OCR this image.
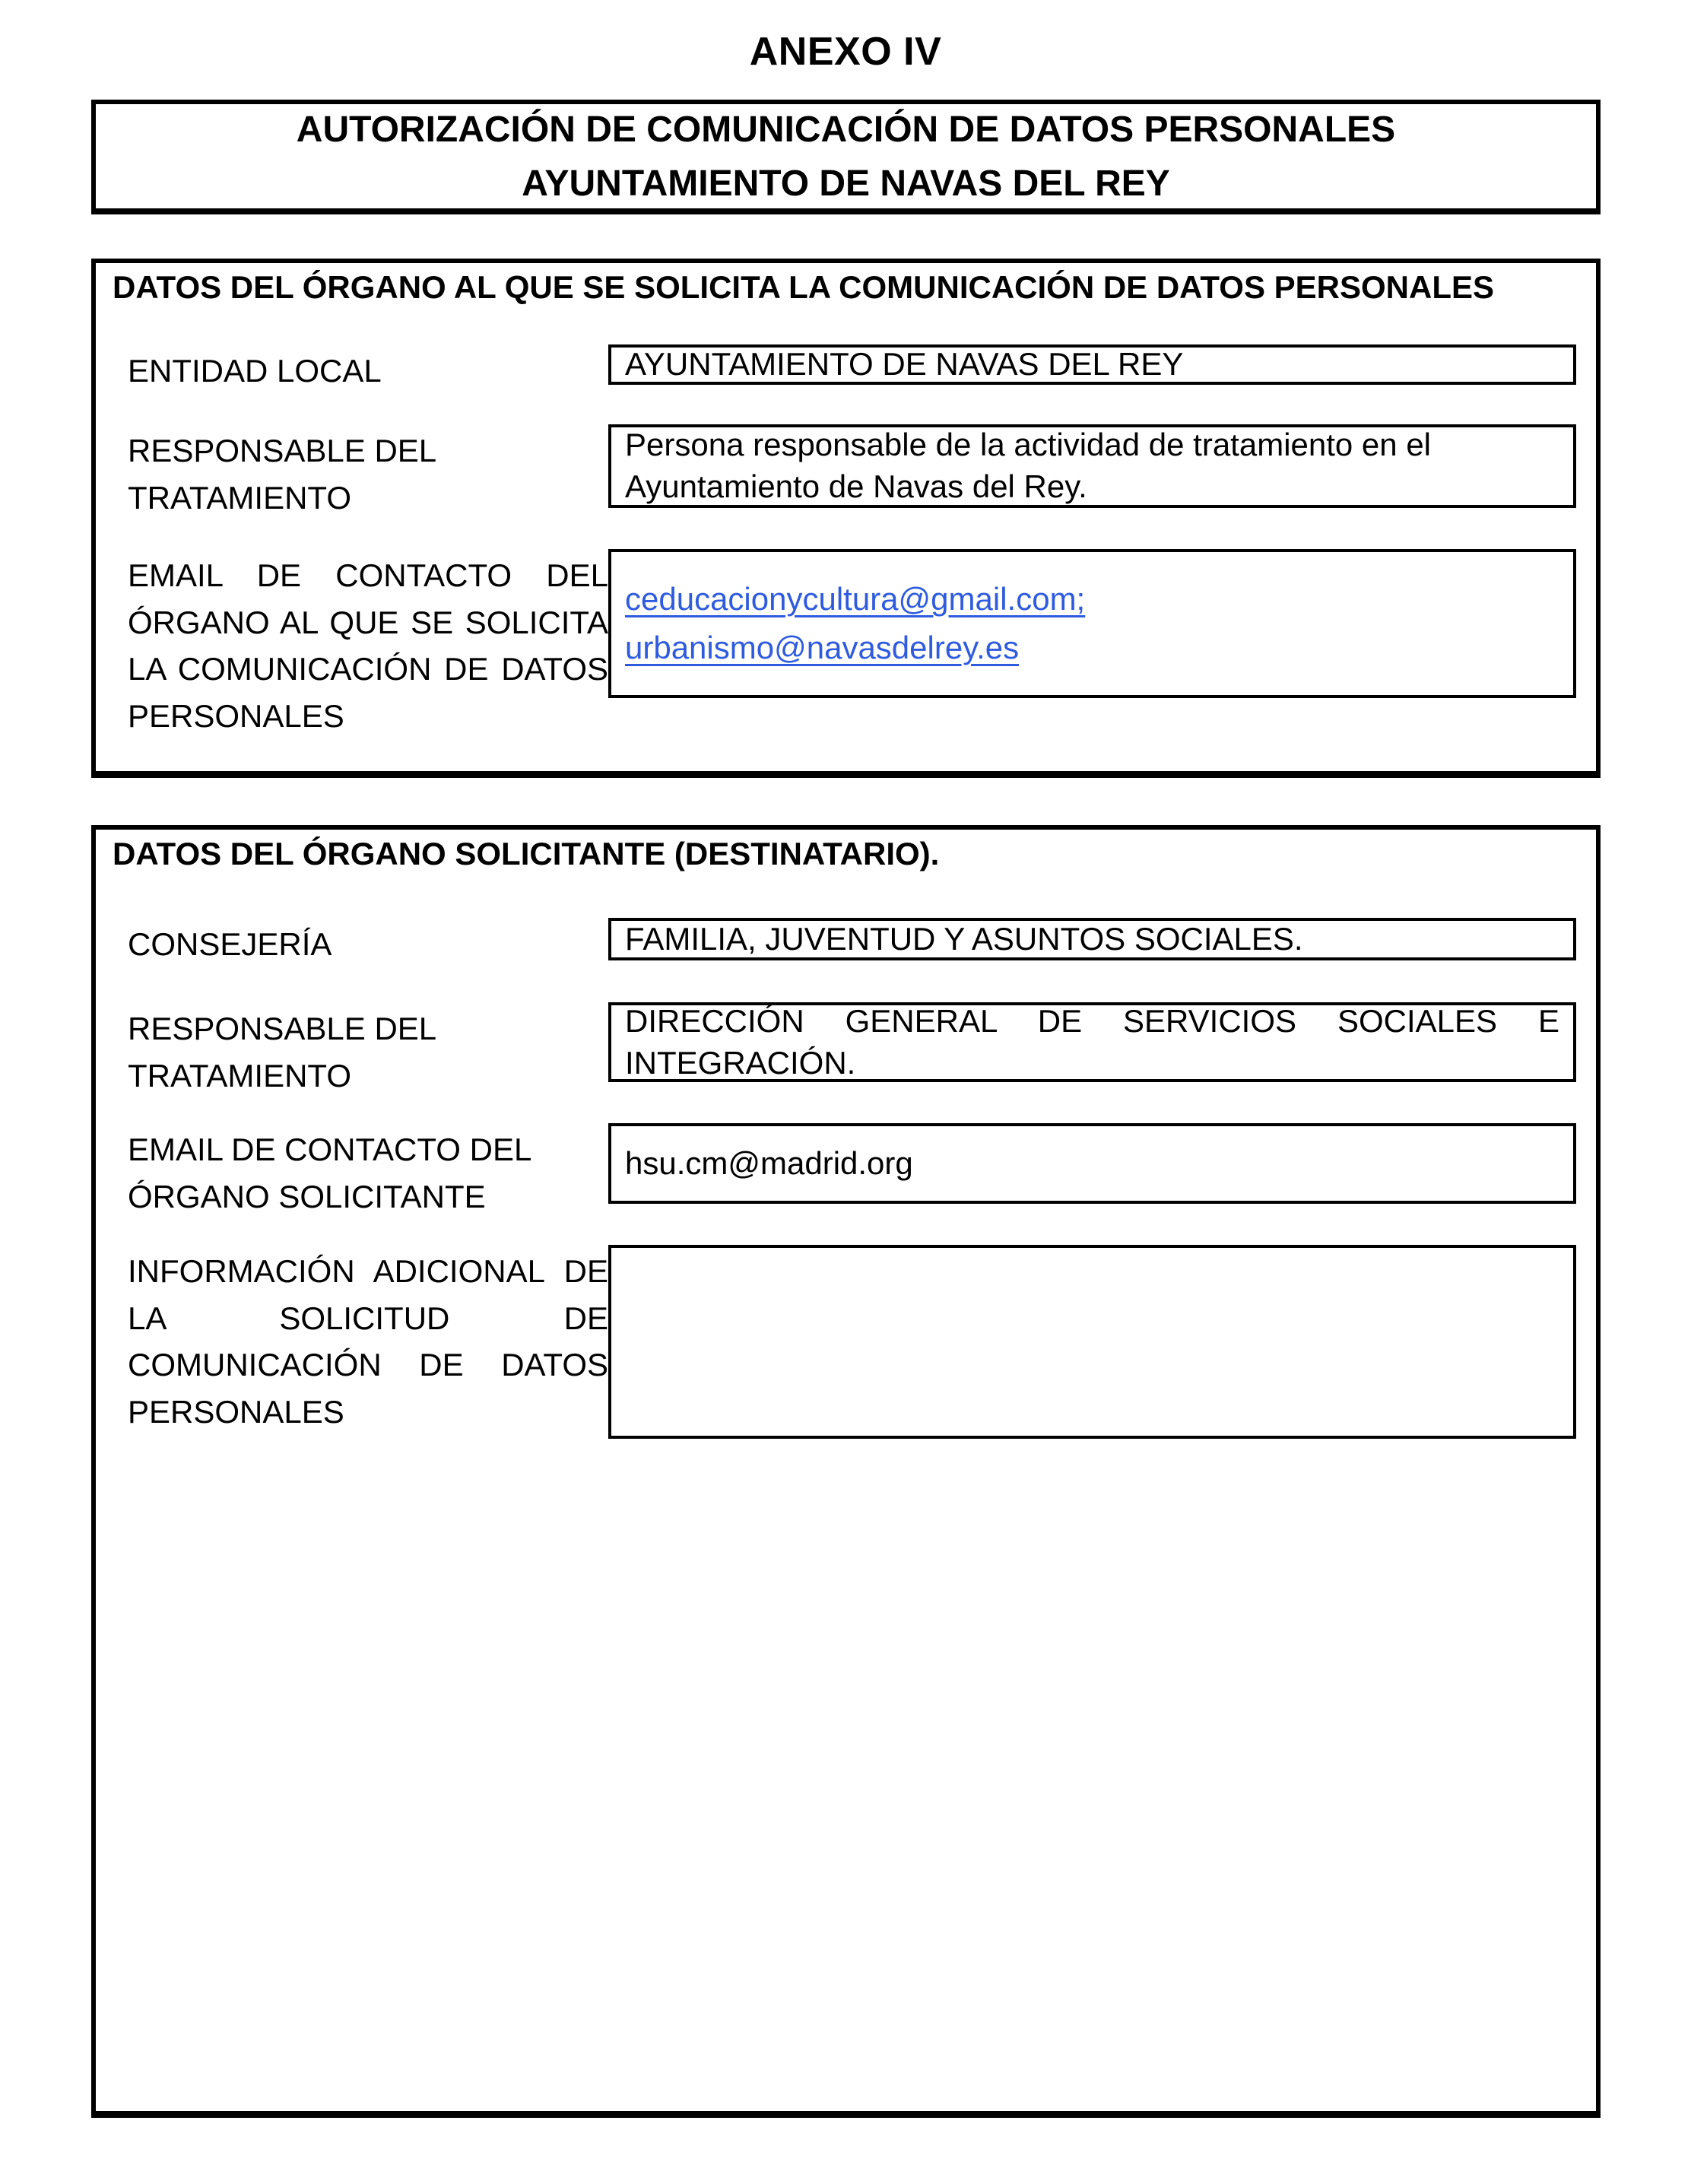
ANEXO IV
AUTORIZACIÓN DE COMUNICACIÓN DE DATOS PERSONALES
AYUNTAMIENTO DE NAVAS DEL REY
DATOS DEL ÓRGANO AL QUE SE SOLICITA LA COMUNICACIÓN DE DATOS PERSONALES
ENTIDAD LOCAL	AYUNTAMIENTO DE NAVAS DEL REY
RESPONSABLE DEL TRATAMIENTO
Persona responsable de la actividad de tratamiento en el Ayuntamiento de Navas del Rey.
EMAIL DE CONTACTO DEL ÓRGANO AL QUE SE SOLICITA LA COMUNICACIÓN DE DATOS PERSONALES
ceducacionycultura@gmail.com;
urbanismo@navasdelrey.es
DATOS DEL ÓRGANO SOLICITANTE (DESTINATARIO).
CONSEJERÍA	FAMILIA, JUVENTUD Y ASUNTOS SOCIALES.
RESPONSABLE DEL TRATAMIENTO
DIRECCIÓN GENERAL DE SERVICIOS SOCIALES E INTEGRACIÓN.
EMAIL DE CONTACTO DEL ÓRGANO SOLICITANTE
hsu.cm@madrid.org
INFORMACIÓN ADICIONAL DE LA SOLICITUD DE COMUNICACIÓN DE DATOS PERSONALES
